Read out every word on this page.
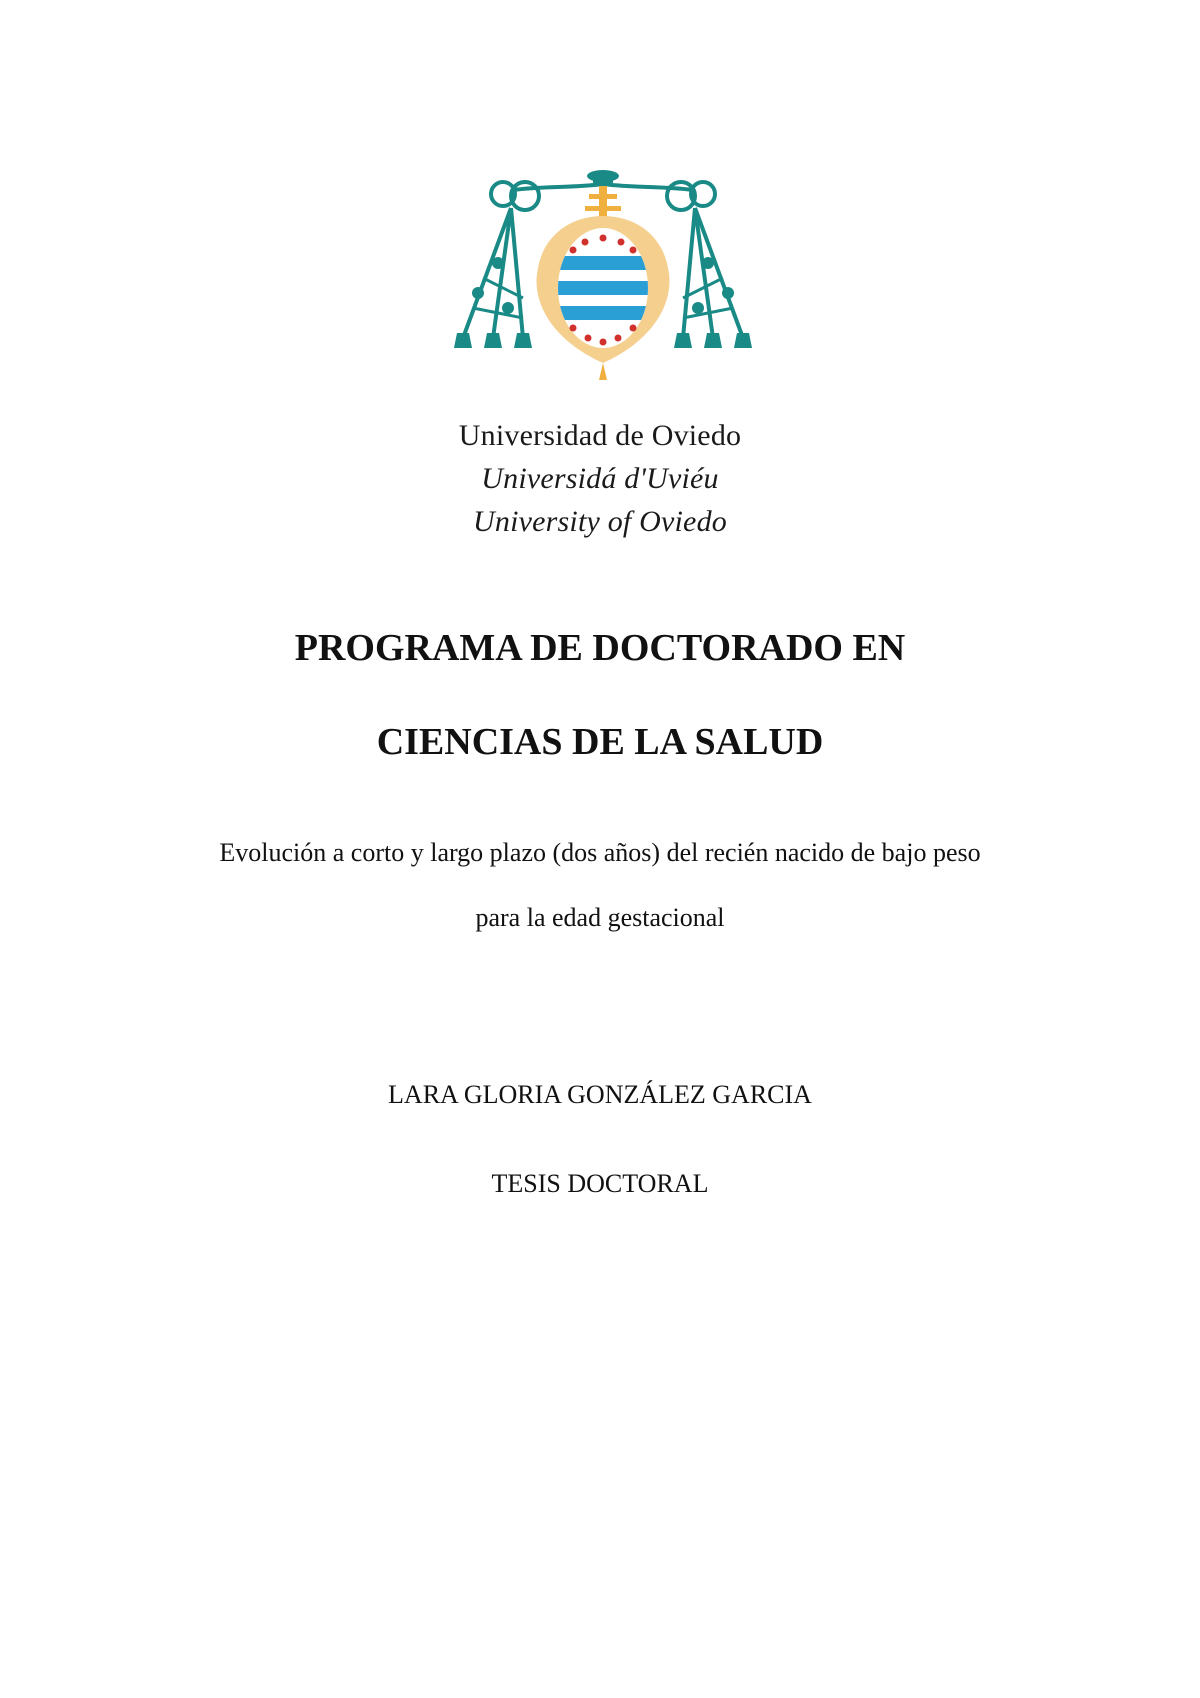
Universidad de Oviedo
Universidá d'Uviéu
University of Oviedo
PROGRAMA DE DOCTORADO EN
CIENCIAS DE LA SALUD
Evolución a corto y largo plazo (dos años) del recién nacido de bajo peso
para la edad gestacional
LARA GLORIA GONZÁLEZ GARCIA
TESIS DOCTORAL
